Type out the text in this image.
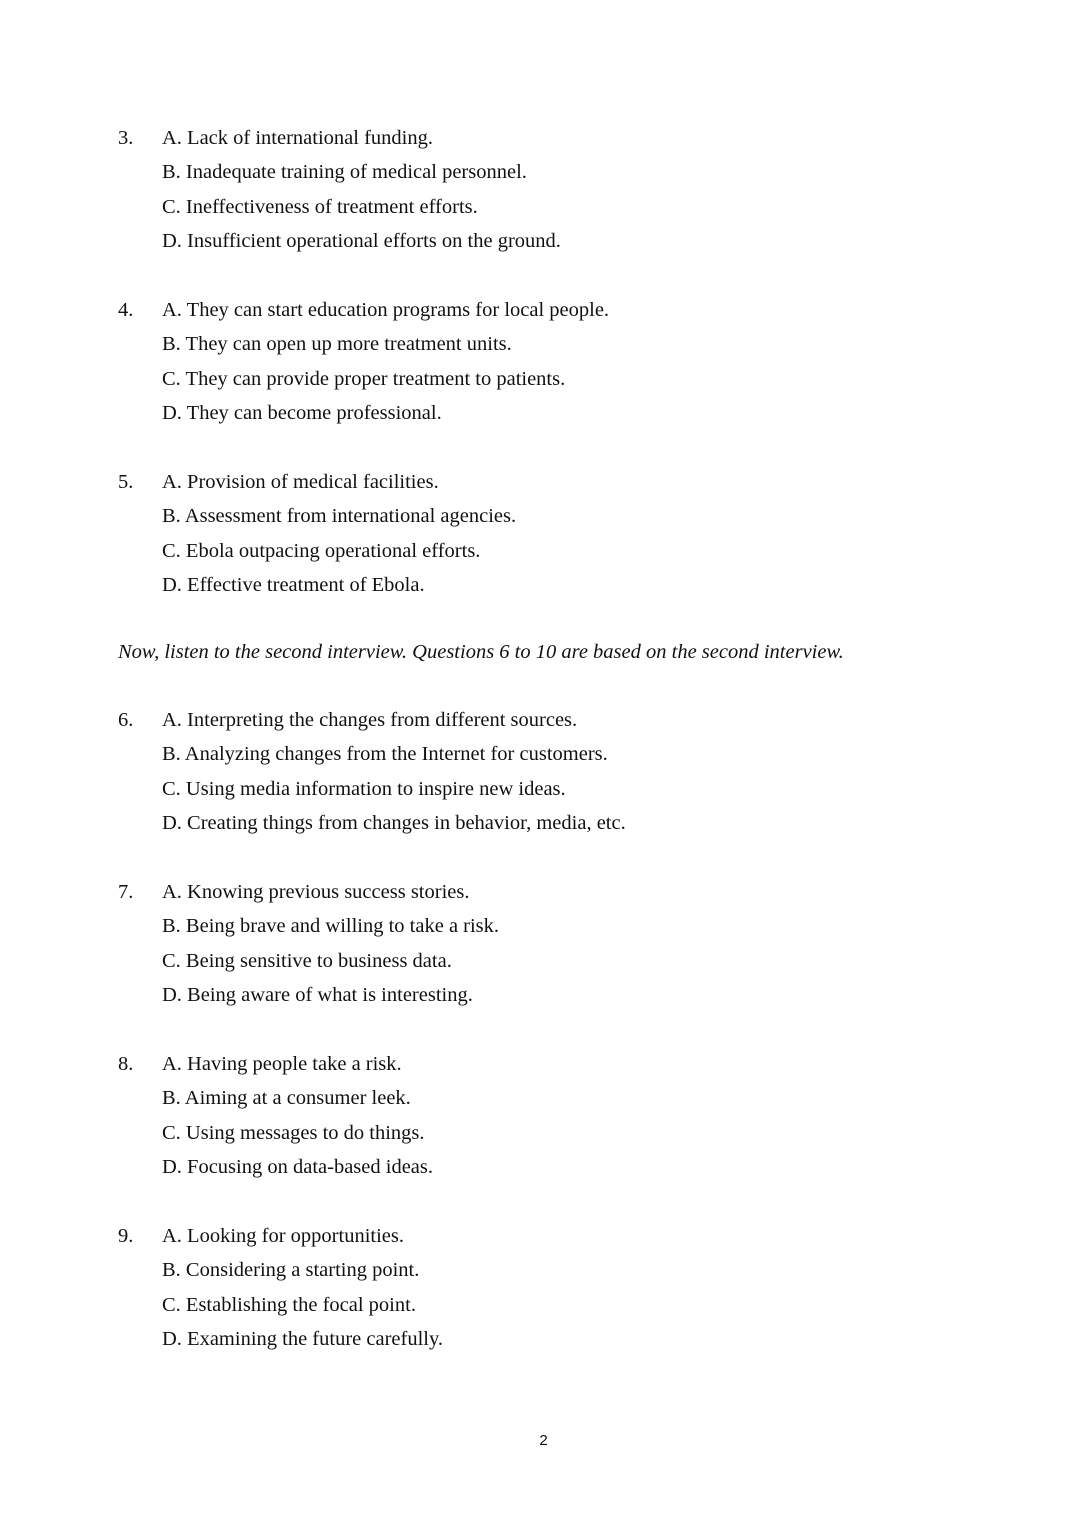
3. A. Lack of international funding.
B. Inadequate training of medical personnel.
C. Ineffectiveness of treatment efforts.
D. Insufficient operational efforts on the ground.
4. A. They can start education programs for local people.
B. They can open up more treatment units.
C. They can provide proper treatment to patients.
D. They can become professional.
5. A. Provision of medical facilities.
B. Assessment from international agencies.
C. Ebola outpacing operational efforts.
D. Effective treatment of Ebola.
6. A. Interpreting the changes from different sources.
B. Analyzing changes from the Internet for customers.
C. Using media information to inspire new ideas.
D. Creating things from changes in behavior, media, etc.
7. A. Knowing previous success stories.
B. Being brave and willing to take a risk.
C. Being sensitive to business data.
D. Being aware of what is interesting.
8. A. Having people take a risk.
B. Aiming at a consumer leek.
C. Using messages to do things.
D. Focusing on data-based ideas.
9. A. Looking for opportunities.
B. Considering a starting point.
C. Establishing the focal point.
D. Examining the future carefully.
Now, listen to the second interview. Questions 6 to 10 are based on the second interview.
2
